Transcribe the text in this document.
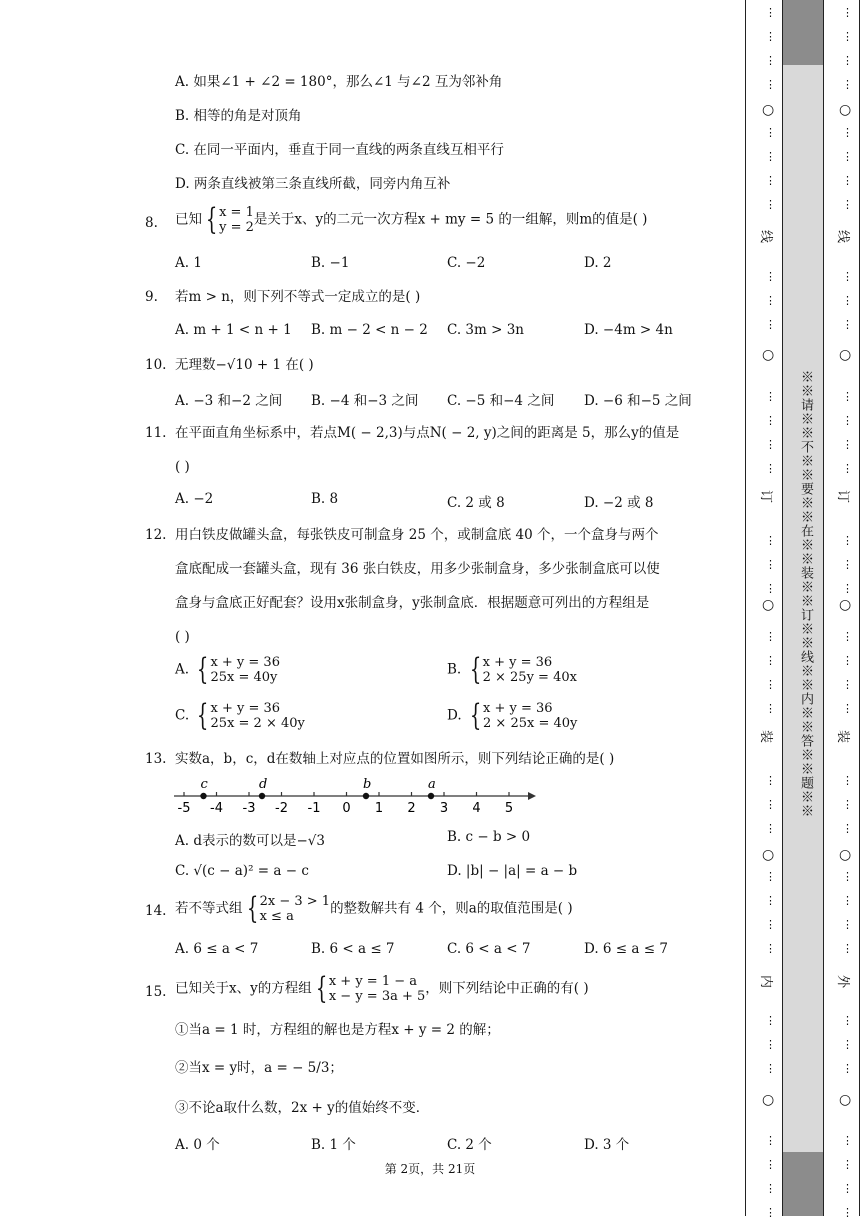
A. 如果∠1 + ∠2 = 180°，那么∠1 与∠2 互为邻补角
B. 相等的角是对顶角
C. 在同一平面内，垂直于同一直线的两条直线互相平行
D. 两条直线被第三条直线所截，同旁内角互补
8. 已知 { x = 1
y = 2 是关于x、y的二元一次方程x + my = 5 的一组解，则m的值是( )
A. 1	B. −1	C. −2	D. 2
9. 若m > n，则下列不等式一定成立的是( )
A. m + 1 < n + 1 B. m − 2 < n − 2 C. 3m > 3n	D. −4m > 4n
10. 无理数−√10 + 1 在( )
A. −3 和−2 之间 B. −4 和−3 之间 C. −5 和−4 之间 D. −6 和−5 之间
11. 在平面直角坐标系中，若点M( − 2,3)与点N( − 2, y)之间的距离是 5，那么y的值是
( )
A. −2	B. 8	C. 2 或 8	D. −2 或 8
12. 用白铁皮做罐头盒，每张铁皮可制盒身 25 个，或制盒底 40 个，一个盒身与两个
盒底配成一套罐头盒，现有 36 张白铁皮，用多少张制盒身，多少张制盒底可以使
盒身与盒底正好配套？设用x张制盒身，y张制盒底．根据题意可列出的方程组是
( )
A. { x + y = 36
25x = 40y	B. { x + y = 36
2 × 25y = 40x
C. { x + y = 36
25x = 2 × 40y	D. { x + y = 36
2 × 25x = 40y
13. 实数a，b，c，d在数轴上对应点的位置如图所示，则下列结论正确的是( )
-5 -4 -3 -2 -1 0 1 2 3 4 5
c	d	b	a
A. d表示的数可以是−√3	B. c − b > 0
C. √(c − a)² = a − c	D. |b| − |a| = a − b
14. 若不等式组 { 2x − 3 > 1
x ≤ a	的整数解共有 4 个，则a的取值范围是( )
A. 6 ≤ a < 7	B. 6 < a ≤ 7	C. 6 < a < 7	D. 6 ≤ a ≤ 7
15. 已知关于x、y的方程组 { x + y = 1 − a
x − y = 3a + 5 ，则下列结论中正确的有( )
①当a = 1 时，方程组的解也是方程x + y = 2 的解；
②当x = y时，a = − 5/3；
③不论a取什么数，2x + y的值始终不变．
A. 0 个	B. 1 个	C. 2 个	D. 3 个
第 2页，共 21页
※※请※※不※※要※※在※※装※※订※※线※※内※※答※※题※※
⋮
⋮
⋮
⋮
⋮
⋮
⋮
⋮
⋮
⋮
⋮
⋮
⋮
⋮
⋮
⋮
⋮
⋮
⋮
⋮
⋮
⋮
⋮
⋮
⋮
⋮
⋮
⋮
⋮
⋮
⋮
⋮
⋮
⋮
⋮
⋮
○
○
○
○
○
线
订
装
内
⋮
⋮
⋮
⋮
⋮
⋮
⋮
⋮
⋮
⋮
⋮
⋮
⋮
⋮
⋮
⋮
⋮
⋮
⋮
⋮
⋮
⋮
⋮
⋮
⋮
⋮
⋮
⋮
⋮
⋮
⋮
⋮
⋮
⋮
⋮
⋮
○
○
○
○
○
线
订
装
外
